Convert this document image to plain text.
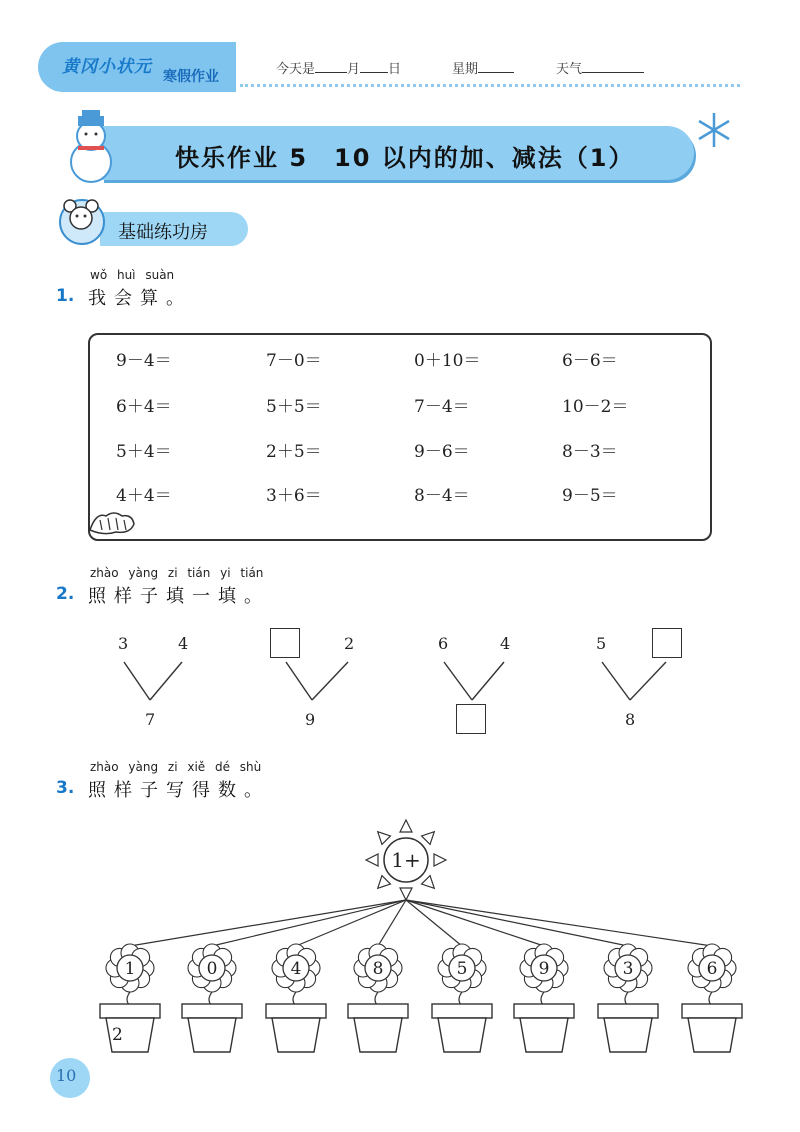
黄冈小状元 寒假作业	今天是 月 日	星期	天气
快乐作业 5　10 以内的加、减法（1）
基础练功房
wǒ huì suàn
1. 我会算。
zhào yàng zi tián yi tián
2. 照样子填一填。
zhào yàng zi xiě dé shù
3. 照样子写得数。
1+
1
2
0	4	8	5	9	3	6
10
9－4＝	7－0＝	0＋10＝	6－6＝
6＋4＝	5＋5＝	7－4＝	10－2＝
5＋4＝	2＋5＝	9－6＝	8－3＝
4＋4＝	3＋6＝	8－4＝	9－5＝
3	4
7
2
9
6	4	5
8
